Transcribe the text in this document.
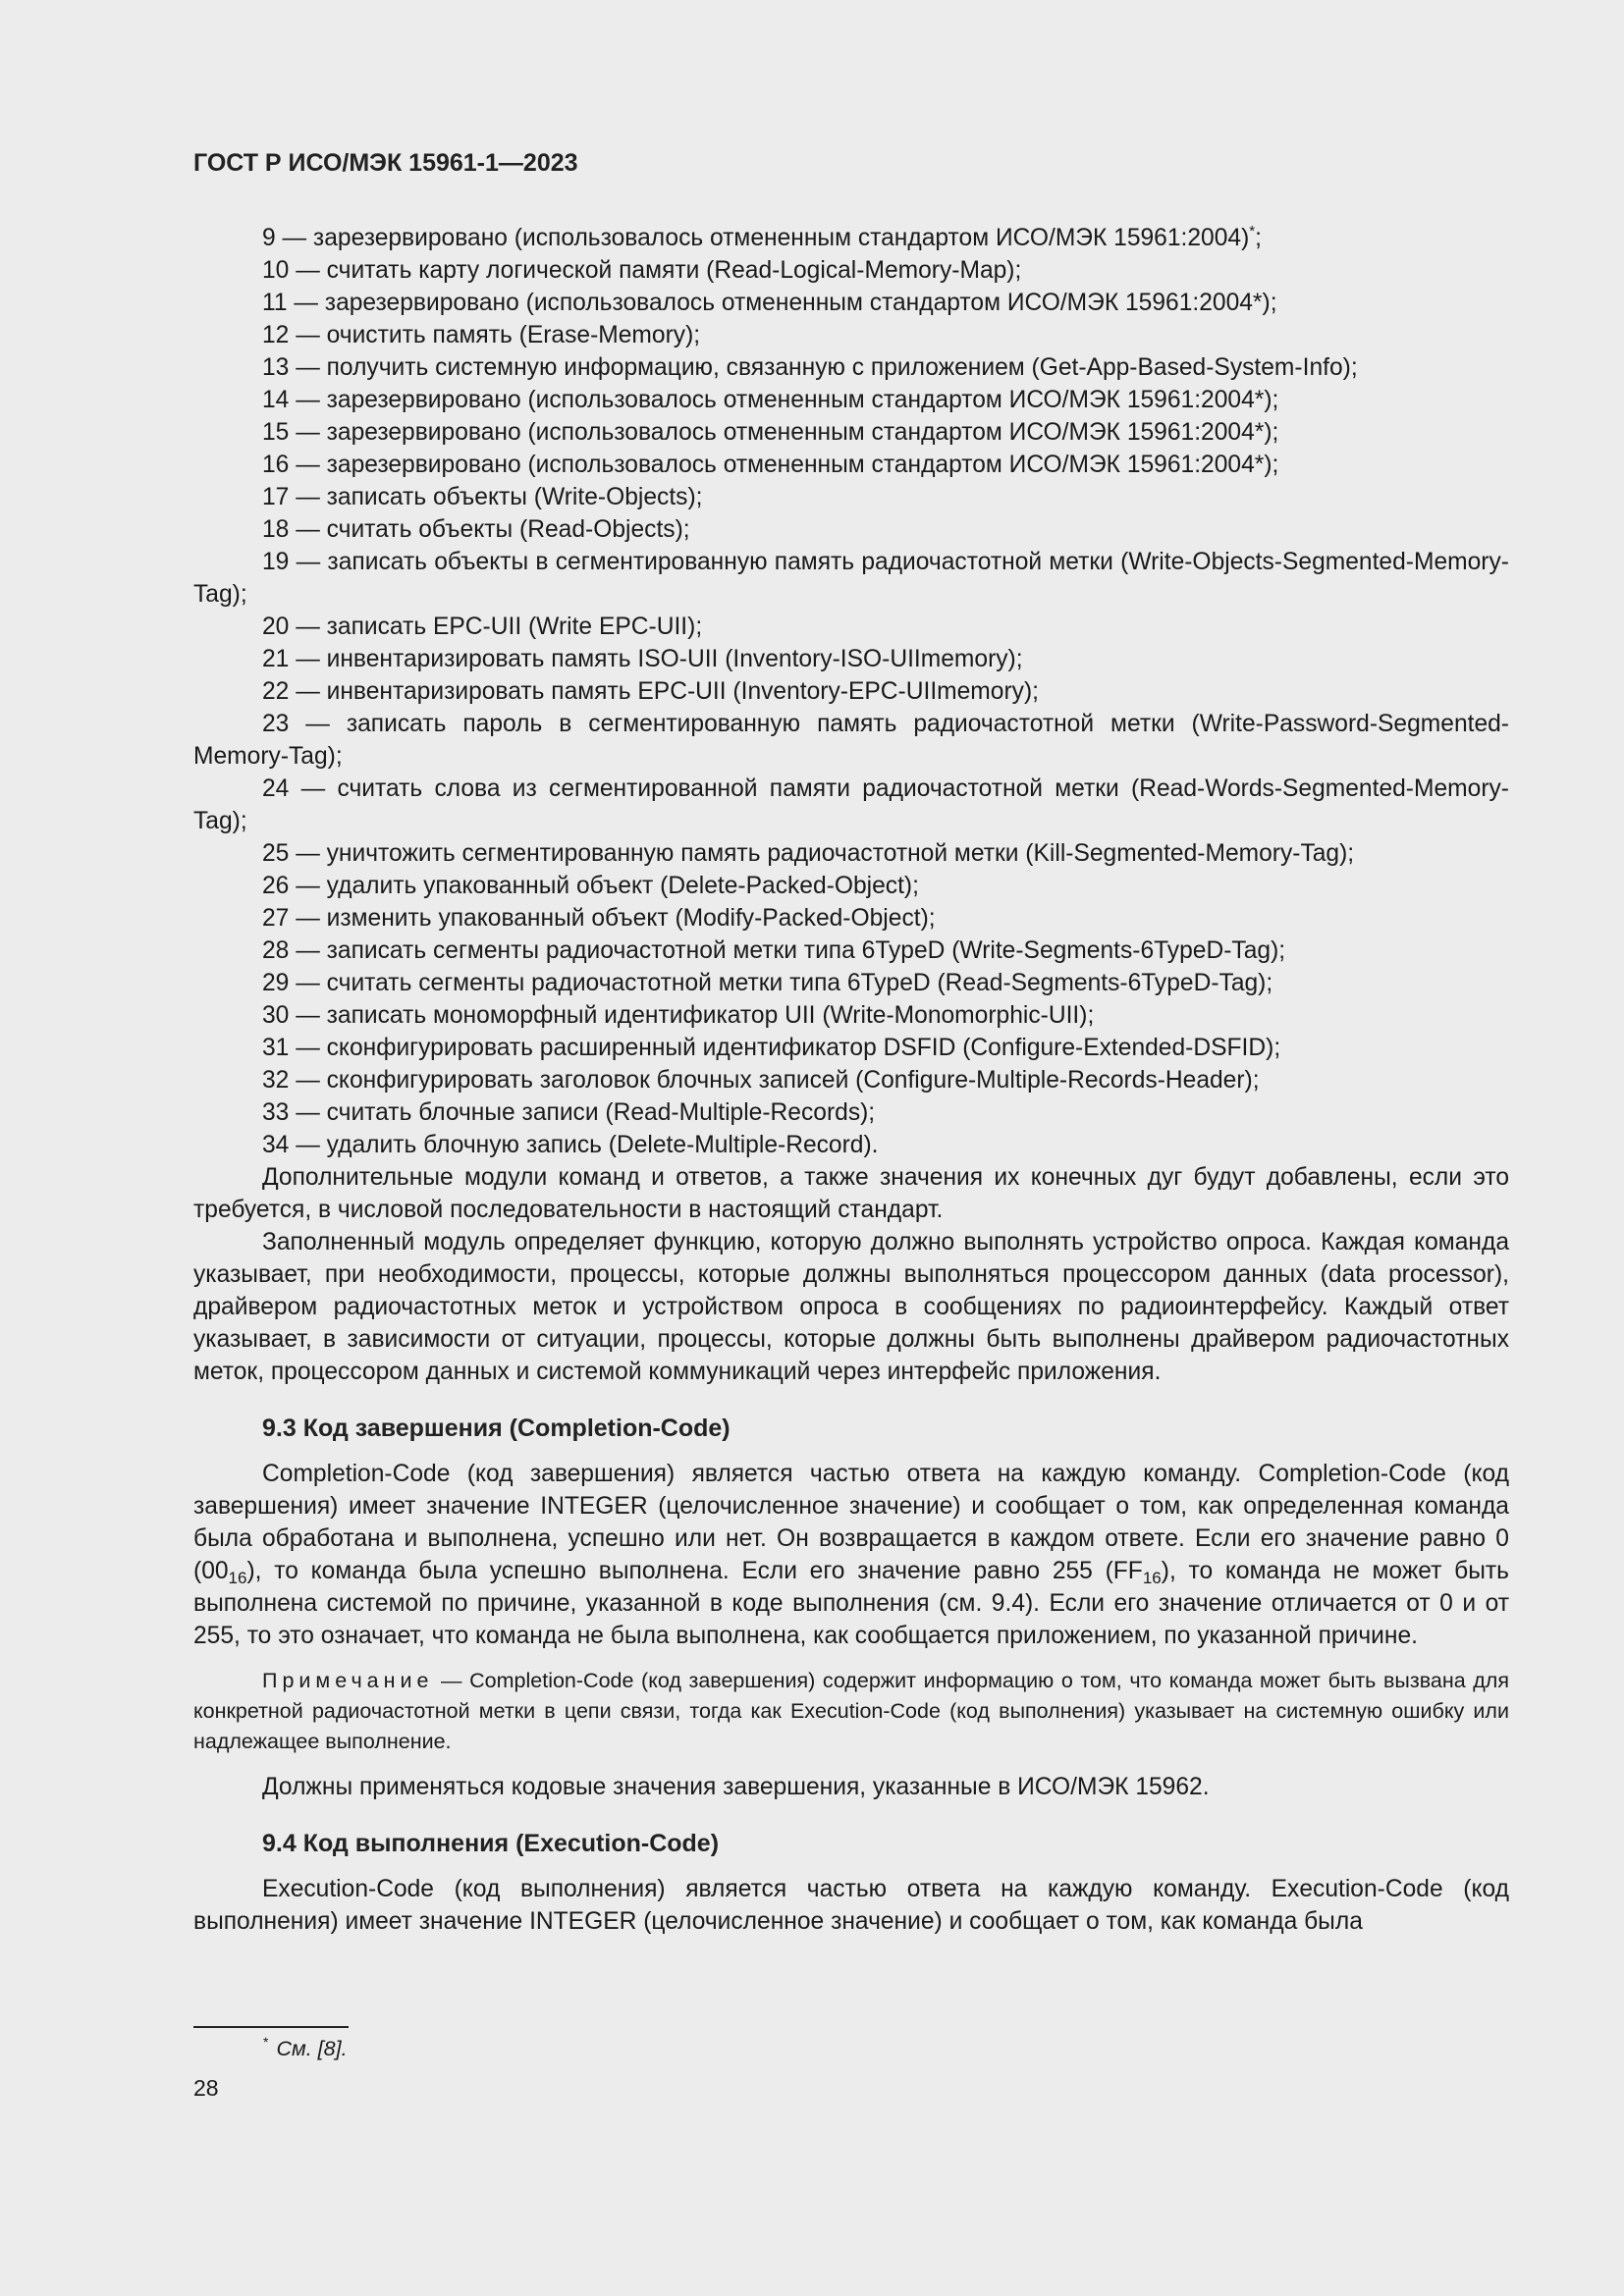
ГОСТ Р ИСО/МЭК 15961-1—2023

9 — зарезервировано (использовалось отмененным стандартом ИСО/МЭК 15961:2004)*;

10 — считать карту логической памяти (Read-Logical-Memory-Map);

11 — зарезервировано (использовалось отмененным стандартом ИСО/МЭК 15961:2004*);

12 — очистить память (Erase-Memory);

13 — получить системную информацию, связанную с приложением (Get-App-Based-System-Info);

14 — зарезервировано (использовалось отмененным стандартом ИСО/МЭК 15961:2004*);

15 — зарезервировано (использовалось отмененным стандартом ИСО/МЭК 15961:2004*);

16 — зарезервировано (использовалось отмененным стандартом ИСО/МЭК 15961:2004*);

17 — записать объекты (Write-Objects);

18 — считать объекты (Read-Objects);

19 — записать объекты в сегментированную память радиочастотной метки (Write-Objects-Segmented-Memory-Tag);

20 — записать EPC-UII (Write EPC-UII);

21 — инвентаризировать память ISO-UII (Inventory-ISO-UIImemory);

22 — инвентаризировать память EPC-UII (Inventory-EPC-UIImemory);

23 — записать пароль в сегментированную память радиочастотной метки (Write-Password-Segmented-Memory-Tag);

24 — считать слова из сегментированной памяти радиочастотной метки (Read-Words-Segmented-Memory-Tag);

25 — уничтожить сегментированную память радиочастотной метки (Kill-Segmented-Memory-Tag);

26 — удалить упакованный объект (Delete-Packed-Object);

27 — изменить упакованный объект (Modify-Packed-Object);

28 — записать сегменты радиочастотной метки типа 6TypeD (Write-Segments-6TypeD-Tag);

29 — считать сегменты радиочастотной метки типа 6TypeD (Read-Segments-6TypeD-Tag);

30 — записать мономорфный идентификатор UII (Write-Monomorphic-UII);

31 — сконфигурировать расширенный идентификатор DSFID (Configure-Extended-DSFID);

32 — сконфигурировать заголовок блочных записей (Configure-Multiple-Records-Header);

33 — считать блочные записи (Read-Multiple-Records);

34 — удалить блочную запись (Delete-Multiple-Record).

Дополнительные модули команд и ответов, а также значения их конечных дуг будут добавлены, если это требуется, в числовой последовательности в настоящий стандарт.

Заполненный модуль определяет функцию, которую должно выполнять устройство опроса. Каждая команда указывает, при необходимости, процессы, которые должны выполняться процессором данных (data processor), драйвером радиочастотных меток и устройством опроса в сообщениях по радиоинтерфейсу. Каждый ответ указывает, в зависимости от ситуации, процессы, которые должны быть выполнены драйвером радиочастотных меток, процессором данных и системой коммуникаций через интерфейс приложения.

9.3 Код завершения (Completion-Code)

Completion-Code (код завершения) является частью ответа на каждую команду. Completion-Code (код завершения) имеет значение INTEGER (целочисленное значение) и сообщает о том, как определенная команда была обработана и выполнена, успешно или нет. Он возвращается в каждом ответе. Если его значение равно 0 $(00_{16})$, то команда была успешно выполнена. Если его значение равно 255 $(FF_{16})$, то команда не может быть выполнена системой по причине, указанной в коде выполнения (см. 9.4). Если его значение отличается от 0 и от 255, то это означает, что команда не была выполнена, как сообщается приложением, по указанной причине.

Примечание — Completion-Code (код завершения) содержит информацию о том, что команда может быть вызвана для конкретной радиочастотной метки в цепи связи, тогда как Execution-Code (код выполнения) указывает на системную ошибку или надлежащее выполнение.

Должны применяться кодовые значения завершения, указанные в ИСО/МЭК 15962.

9.4 Код выполнения (Execution-Code)

Execution-Code (код выполнения) является частью ответа на каждую команду. Execution-Code (код выполнения) имеет значение INTEGER (целочисленное значение) и сообщает о том, как команда была

* См. [8].
28
